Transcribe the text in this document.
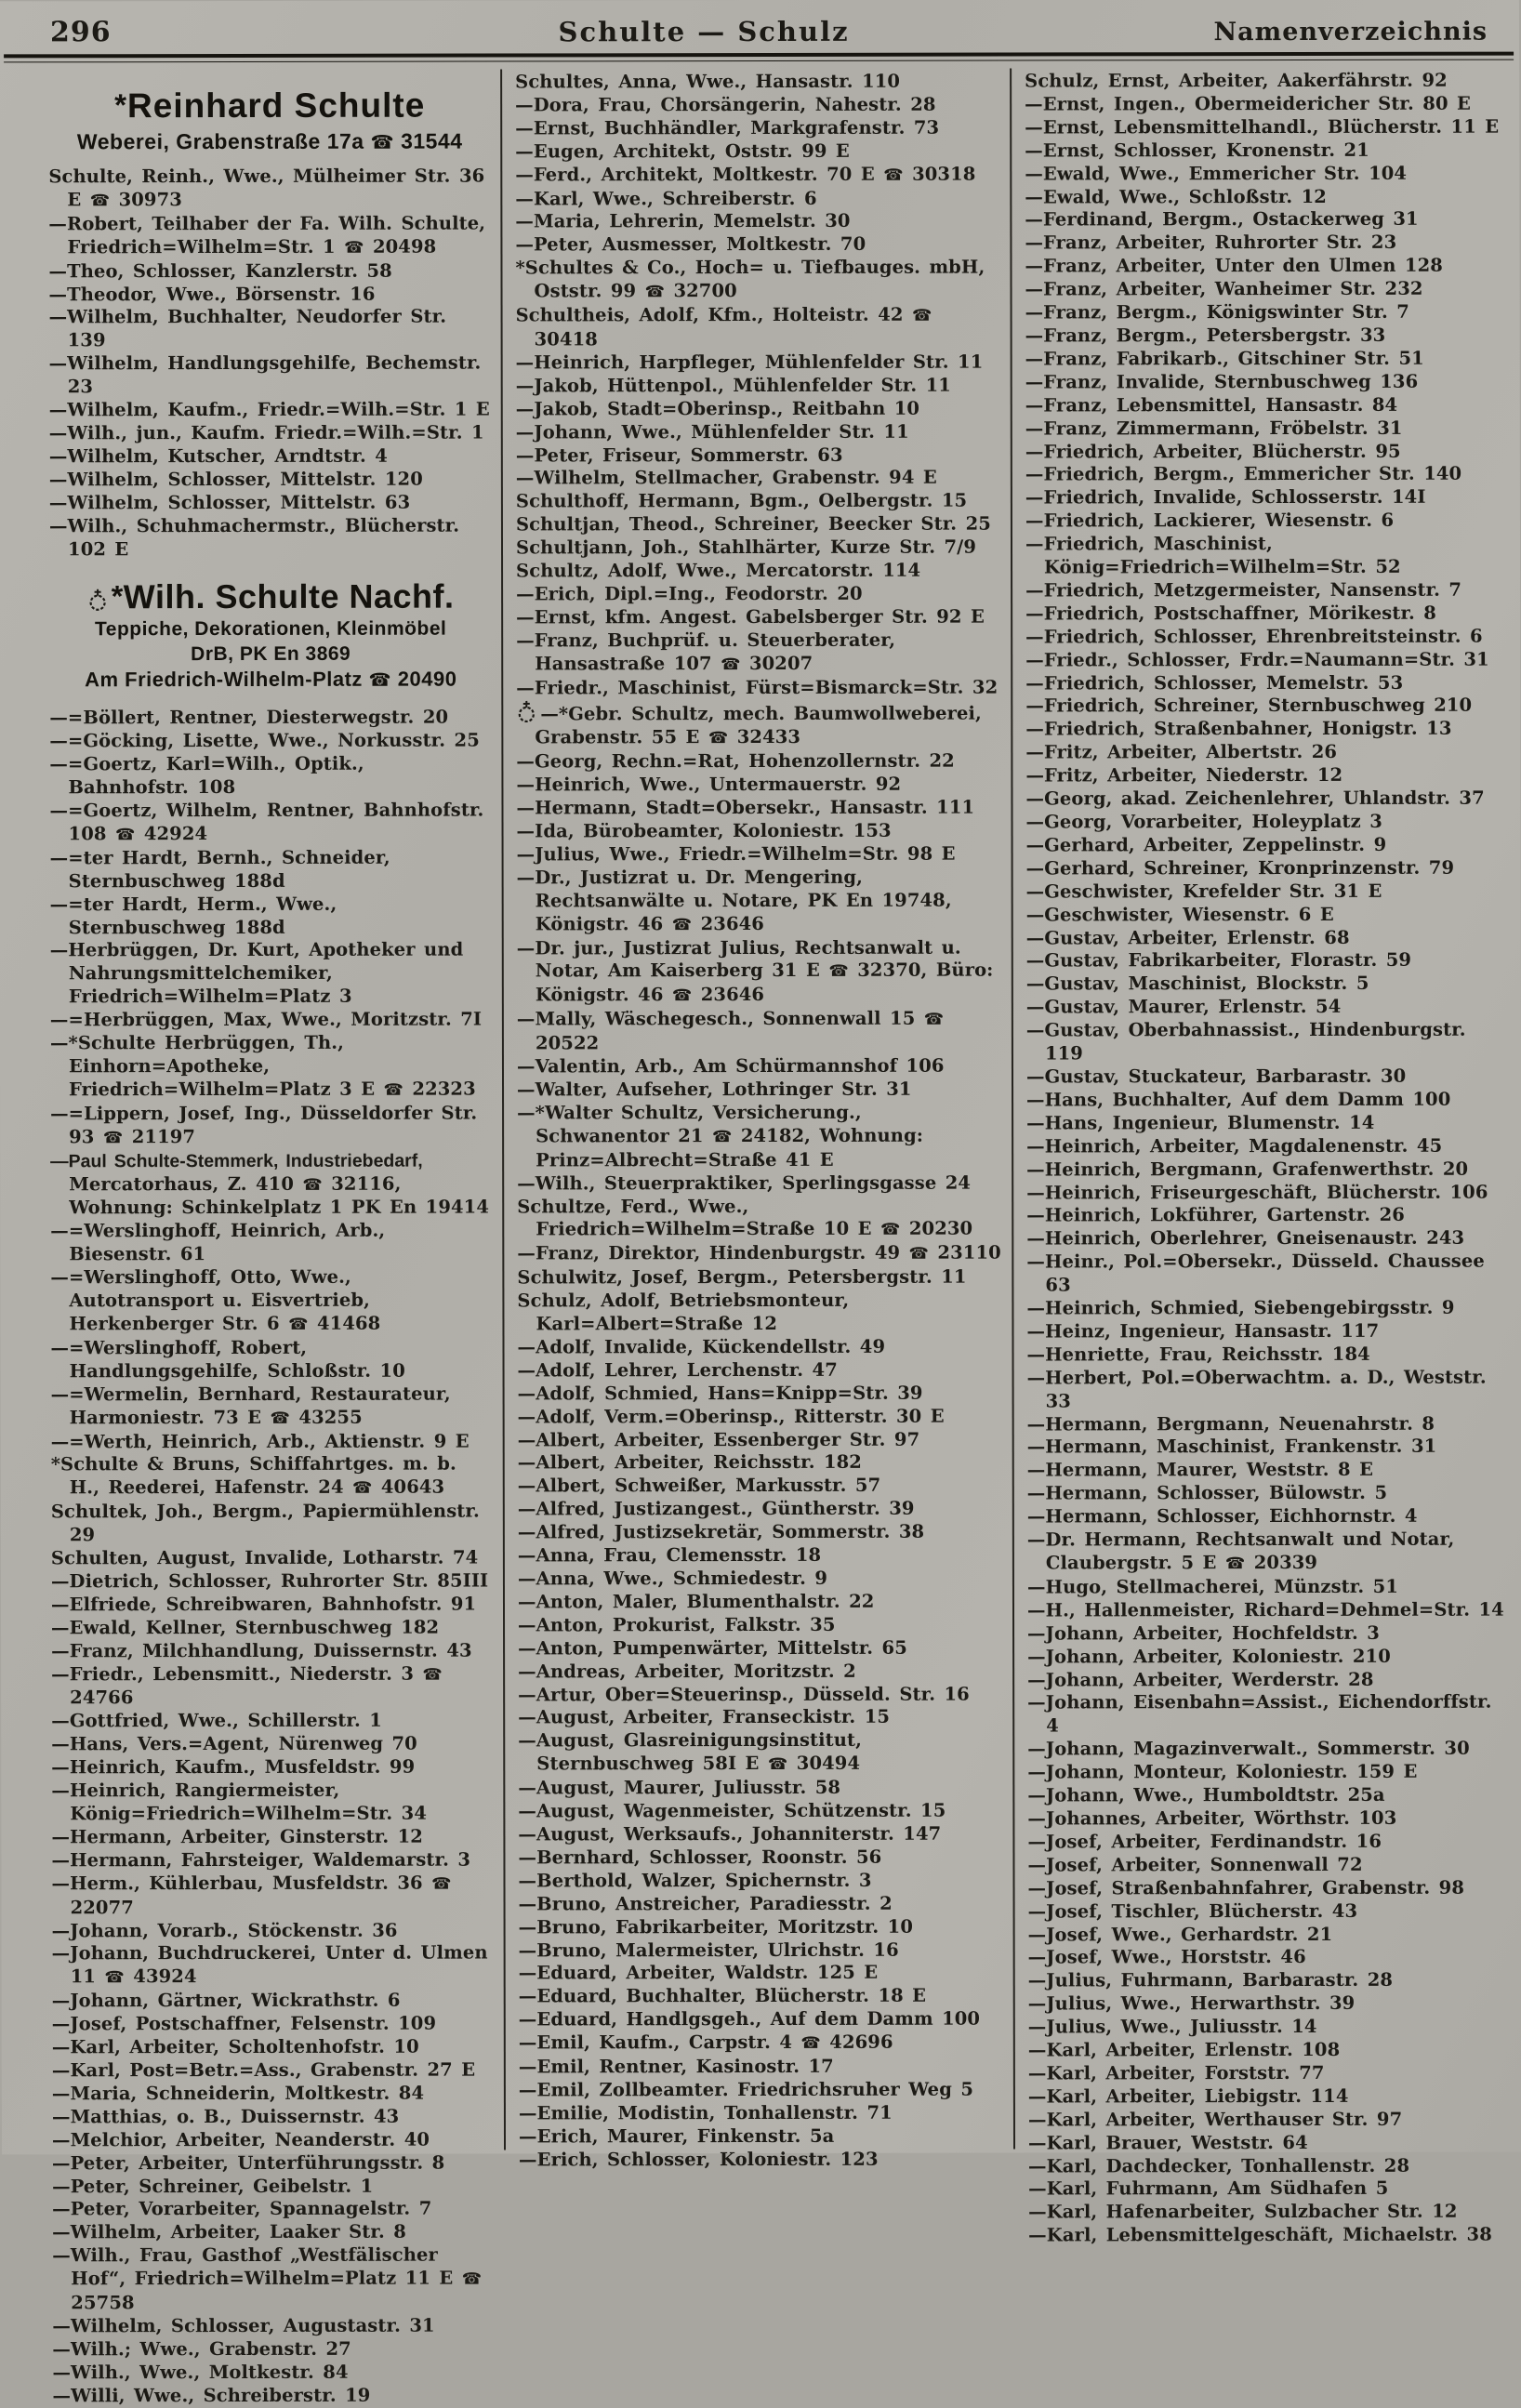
296	Schulte — Schulz	Namenverzeichnis
*Reinhard Schulte
Weberei, Grabenstraße 17a ☎ 31544
Schulte, Reinh., Wwe., Mülheimer Str. 36 E ☎ 30973
—Robert, Teilhaber der Fa. Wilh. Schulte, Friedrich=Wilhelm=Str. 1 ☎ 20498
—Theo, Schlosser, Kanzlerstr. 58
—Theodor, Wwe., Börsenstr. 16
—Wilhelm, Buchhalter, Neudorfer Str. 139
—Wilhelm, Handlungsgehilfe, Bechemstr. 23
—Wilhelm, Kaufm., Friedr.=Wilh.=Str. 1 E
—Wilh., jun., Kaufm. Friedr.=Wilh.=Str. 1
—Wilhelm, Kutscher, Arndtstr. 4
—Wilhelm, Schlosser, Mittelstr. 120
—Wilhelm, Schlosser, Mittelstr. 63
—Wilh., Schuhmachermstr., Blücherstr. 102 E
*Wilh. Schulte Nachf.
Teppiche, Dekorationen, Kleinmöbel
DrB, PK En 3869
Am Friedrich-Wilhelm-Platz ☎ 20490
—=Böllert, Rentner, Diesterwegstr. 20
—=Göcking, Lisette, Wwe., Norkusstr. 25
—=Goertz, Karl=Wilh., Optik., Bahnhofstr. 108
—=Goertz, Wilhelm, Rentner, Bahnhofstr. 108 ☎ 42924
—=ter Hardt, Bernh., Schneider, Sternbuschweg 188d
—=ter Hardt, Herm., Wwe., Sternbuschweg 188d
—Herbrüggen, Dr. Kurt, Apotheker und Nahrungsmittelchemiker, Friedrich=Wilhelm=Platz 3
—=Herbrüggen, Max, Wwe., Moritzstr. 7I
—*Schulte Herbrüggen, Th., Einhorn=Apotheke, Friedrich=Wilhelm=Platz 3 E ☎ 22323
—=Lippern, Josef, Ing., Düsseldorfer Str. 93 ☎ 21197
—Paul Schulte-Stemmerk, Industriebedarf, Mercatorhaus, Z. 410 ☎ 32116, Wohnung: Schinkelplatz 1 PK En 19414
—=Werslinghoff, Heinrich, Arb., Biesenstr. 61
—=Werslinghoff, Otto, Wwe., Autotransport u. Eisvertrieb, Herkenberger Str. 6 ☎ 41468
—=Werslinghoff, Robert, Handlungsgehilfe, Schloßstr. 10
—=Wermelin, Bernhard, Restaurateur, Harmoniestr. 73 E ☎ 43255
—=Werth, Heinrich, Arb., Aktienstr. 9 E
*Schulte & Bruns, Schiffahrtges. m. b. H., Reederei, Hafenstr. 24 ☎ 40643
Schultek, Joh., Bergm., Papiermühlenstr. 29
Schulten, August, Invalide, Lotharstr. 74
—Dietrich, Schlosser, Ruhrorter Str. 85III
—Elfriede, Schreibwaren, Bahnhofstr. 91
—Ewald, Kellner, Sternbuschweg 182
—Franz, Milchhandlung, Duissernstr. 43
—Friedr., Lebensmitt., Niederstr. 3 ☎ 24766
—Gottfried, Wwe., Schillerstr. 1
—Hans, Vers.=Agent, Nürenweg 70
—Heinrich, Kaufm., Musfeldstr. 99
—Heinrich, Rangiermeister, König=Friedrich=Wilhelm=Str. 34
—Hermann, Arbeiter, Ginsterstr. 12
—Hermann, Fahrsteiger, Waldemarstr. 3
—Herm., Kühlerbau, Musfeldstr. 36 ☎ 22077
—Johann, Vorarb., Stöckenstr. 36
—Johann, Buchdruckerei, Unter d. Ulmen 11 ☎ 43924
—Johann, Gärtner, Wickrathstr. 6
—Josef, Postschaffner, Felsenstr. 109
—Karl, Arbeiter, Scholtenhofstr. 10
—Karl, Post=Betr.=Ass., Grabenstr. 27 E
—Maria, Schneiderin, Moltkestr. 84
—Matthias, o. B., Duissernstr. 43
—Melchior, Arbeiter, Neanderstr. 40
—Peter, Arbeiter, Unterführungsstr. 8
—Peter, Schreiner, Geibelstr. 1
—Peter, Vorarbeiter, Spannagelstr. 7
—Wilhelm, Arbeiter, Laaker Str. 8
—Wilh., Frau, Gasthof „Westfälischer Hof“, Friedrich=Wilhelm=Platz 11 E ☎ 25758
—Wilhelm, Schlosser, Augustastr. 31
—Wilh.; Wwe., Grabenstr. 27
—Wilh., Wwe., Moltkestr. 84
—Willi, Wwe., Schreiberstr. 19
Schultes, Anna, Wwe., Hansastr. 110
—Dora, Frau, Chorsängerin, Nahestr. 28
—Ernst, Buchhändler, Markgrafenstr. 73
—Eugen, Architekt, Oststr. 99 E
—Ferd., Architekt, Moltkestr. 70 E ☎ 30318
—Karl, Wwe., Schreiberstr. 6
—Maria, Lehrerin, Memelstr. 30
—Peter, Ausmesser, Moltkestr. 70
*Schultes & Co., Hoch= u. Tiefbauges. mbH, Oststr. 99 ☎ 32700
Schultheis, Adolf, Kfm., Holteistr. 42 ☎ 30418
—Heinrich, Harpfleger, Mühlenfelder Str. 11
—Jakob, Hüttenpol., Mühlenfelder Str. 11
—Jakob, Stadt=Oberinsp., Reitbahn 10
—Johann, Wwe., Mühlenfelder Str. 11
—Peter, Friseur, Sommerstr. 63
—Wilhelm, Stellmacher, Grabenstr. 94 E
Schulthoff, Hermann, Bgm., Oelbergstr. 15
Schultjan, Theod., Schreiner, Beecker Str. 25
Schultjann, Joh., Stahlhärter, Kurze Str. 7/9
Schultz, Adolf, Wwe., Mercatorstr. 114
—Erich, Dipl.=Ing., Feodorstr. 20
—Ernst, kfm. Angest. Gabelsberger Str. 92 E
—Franz, Buchprüf. u. Steuerberater, Hansastraße 107 ☎ 30207
—Friedr., Maschinist, Fürst=Bismarck=Str. 32
—*Gebr. Schultz, mech. Baumwollweberei, Grabenstr. 55 E ☎ 32433
—Georg, Rechn.=Rat, Hohenzollernstr. 22
—Heinrich, Wwe., Untermauerstr. 92
—Hermann, Stadt=Obersekr., Hansastr. 111
—Ida, Bürobeamter, Koloniestr. 153
—Julius, Wwe., Friedr.=Wilhelm=Str. 98 E
—Dr., Justizrat u. Dr. Mengering, Rechtsanwälte u. Notare, PK En 19748, Königstr. 46 ☎ 23646
—Dr. jur., Justizrat Julius, Rechtsanwalt u. Notar, Am Kaiserberg 31 E ☎ 32370, Büro: Königstr. 46 ☎ 23646
—Mally, Wäschegesch., Sonnenwall 15 ☎ 20522
—Valentin, Arb., Am Schürmannshof 106
—Walter, Aufseher, Lothringer Str. 31
—*Walter Schultz, Versicherung., Schwanentor 21 ☎ 24182, Wohnung: Prinz=Albrecht=Straße 41 E
—Wilh., Steuerpraktiker, Sperlingsgasse 24
Schultze, Ferd., Wwe., Friedrich=Wilhelm=Straße 10 E ☎ 20230
—Franz, Direktor, Hindenburgstr. 49 ☎ 23110
Schulwitz, Josef, Bergm., Petersbergstr. 11
Schulz, Adolf, Betriebsmonteur, Karl=Albert=Straße 12
—Adolf, Invalide, Kückendellstr. 49
—Adolf, Lehrer, Lerchenstr. 47
—Adolf, Schmied, Hans=Knipp=Str. 39
—Adolf, Verm.=Oberinsp., Ritterstr. 30 E
—Albert, Arbeiter, Essenberger Str. 97
—Albert, Arbeiter, Reichsstr. 182
—Albert, Schweißer, Markusstr. 57
—Alfred, Justizangest., Güntherstr. 39
—Alfred, Justizsekretär, Sommerstr. 38
—Anna, Frau, Clemensstr. 18
—Anna, Wwe., Schmiedestr. 9
—Anton, Maler, Blumenthalstr. 22
—Anton, Prokurist, Falkstr. 35
—Anton, Pumpenwärter, Mittelstr. 65
—Andreas, Arbeiter, Moritzstr. 2
—Artur, Ober=Steuerinsp., Düsseld. Str. 16
—August, Arbeiter, Franseckistr. 15
—August, Glasreinigungsinstitut, Sternbuschweg 58I E ☎ 30494
—August, Maurer, Juliusstr. 58
—August, Wagenmeister, Schützenstr. 15
—August, Werksaufs., Johanniterstr. 147
—Bernhard, Schlosser, Roonstr. 56
—Berthold, Walzer, Spichernstr. 3
—Bruno, Anstreicher, Paradiesstr. 2
—Bruno, Fabrikarbeiter, Moritzstr. 10
—Bruno, Malermeister, Ulrichstr. 16
—Eduard, Arbeiter, Waldstr. 125 E
—Eduard, Buchhalter, Blücherstr. 18 E
—Eduard, Handlgsgeh., Auf dem Damm 100
—Emil, Kaufm., Carpstr. 4 ☎ 42696
—Emil, Rentner, Kasinostr. 17
—Emil, Zollbeamter. Friedrichsruher Weg 5
—Emilie, Modistin, Tonhallenstr. 71
—Erich, Maurer, Finkenstr. 5a
—Erich, Schlosser, Koloniestr. 123
Schulz, Ernst, Arbeiter, Aakerfährstr. 92
—Ernst, Ingen., Obermeidericher Str. 80 E
—Ernst, Lebensmittelhandl., Blücherstr. 11 E
—Ernst, Schlosser, Kronenstr. 21
—Ewald, Wwe., Emmericher Str. 104
—Ewald, Wwe., Schloßstr. 12
—Ferdinand, Bergm., Ostackerweg 31
—Franz, Arbeiter, Ruhrorter Str. 23
—Franz, Arbeiter, Unter den Ulmen 128
—Franz, Arbeiter, Wanheimer Str. 232
—Franz, Bergm., Königswinter Str. 7
—Franz, Bergm., Petersbergstr. 33
—Franz, Fabrikarb., Gitschiner Str. 51
—Franz, Invalide, Sternbuschweg 136
—Franz, Lebensmittel, Hansastr. 84
—Franz, Zimmermann, Fröbelstr. 31
—Friedrich, Arbeiter, Blücherstr. 95
—Friedrich, Bergm., Emmericher Str. 140
—Friedrich, Invalide, Schlosserstr. 14I
—Friedrich, Lackierer, Wiesenstr. 6
—Friedrich, Maschinist, König=Friedrich=Wilhelm=Str. 52
—Friedrich, Metzgermeister, Nansenstr. 7
—Friedrich, Postschaffner, Mörikestr. 8
—Friedrich, Schlosser, Ehrenbreitsteinstr. 6
—Friedr., Schlosser, Frdr.=Naumann=Str. 31
—Friedrich, Schlosser, Memelstr. 53
—Friedrich, Schreiner, Sternbuschweg 210
—Friedrich, Straßenbahner, Honigstr. 13
—Fritz, Arbeiter, Albertstr. 26
—Fritz, Arbeiter, Niederstr. 12
—Georg, akad. Zeichenlehrer, Uhlandstr. 37
—Georg, Vorarbeiter, Holeyplatz 3
—Gerhard, Arbeiter, Zeppelinstr. 9
—Gerhard, Schreiner, Kronprinzenstr. 79
—Geschwister, Krefelder Str. 31 E
—Geschwister, Wiesenstr. 6 E
—Gustav, Arbeiter, Erlenstr. 68
—Gustav, Fabrikarbeiter, Florastr. 59
—Gustav, Maschinist, Blockstr. 5
—Gustav, Maurer, Erlenstr. 54
—Gustav, Oberbahnassist., Hindenburgstr. 119
—Gustav, Stuckateur, Barbarastr. 30
—Hans, Buchhalter, Auf dem Damm 100
—Hans, Ingenieur, Blumenstr. 14
—Heinrich, Arbeiter, Magdalenenstr. 45
—Heinrich, Bergmann, Grafenwerthstr. 20
—Heinrich, Friseurgeschäft, Blücherstr. 106
—Heinrich, Lokführer, Gartenstr. 26
—Heinrich, Oberlehrer, Gneisenaustr. 243
—Heinr., Pol.=Obersekr., Düsseld. Chaussee 63
—Heinrich, Schmied, Siebengebirgsstr. 9
—Heinz, Ingenieur, Hansastr. 117
—Henriette, Frau, Reichsstr. 184
—Herbert, Pol.=Oberwachtm. a. D., Weststr. 33
—Hermann, Bergmann, Neuenahrstr. 8
—Hermann, Maschinist, Frankenstr. 31
—Hermann, Maurer, Weststr. 8 E
—Hermann, Schlosser, Bülowstr. 5
—Hermann, Schlosser, Eichhornstr. 4
—Dr. Hermann, Rechtsanwalt und Notar, Claubergstr. 5 E ☎ 20339
—Hugo, Stellmacherei, Münzstr. 51
—H., Hallenmeister, Richard=Dehmel=Str. 14
—Johann, Arbeiter, Hochfeldstr. 3
—Johann, Arbeiter, Koloniestr. 210
—Johann, Arbeiter, Werderstr. 28
—Johann, Eisenbahn=Assist., Eichendorffstr. 4
—Johann, Magazinverwalt., Sommerstr. 30
—Johann, Monteur, Koloniestr. 159 E
—Johann, Wwe., Humboldtstr. 25a
—Johannes, Arbeiter, Wörthstr. 103
—Josef, Arbeiter, Ferdinandstr. 16
—Josef, Arbeiter, Sonnenwall 72
—Josef, Straßenbahnfahrer, Grabenstr. 98
—Josef, Tischler, Blücherstr. 43
—Josef, Wwe., Gerhardstr. 21
—Josef, Wwe., Horststr. 46
—Julius, Fuhrmann, Barbarastr. 28
—Julius, Wwe., Herwarthstr. 39
—Julius, Wwe., Juliusstr. 14
—Karl, Arbeiter, Erlenstr. 108
—Karl, Arbeiter, Forststr. 77
—Karl, Arbeiter, Liebigstr. 114
—Karl, Arbeiter, Werthauser Str. 97
—Karl, Brauer, Weststr. 64
—Karl, Dachdecker, Tonhallenstr. 28
—Karl, Fuhrmann, Am Südhafen 5
—Karl, Hafenarbeiter, Sulzbacher Str. 12
—Karl, Lebensmittelgeschäft, Michaelstr. 38
